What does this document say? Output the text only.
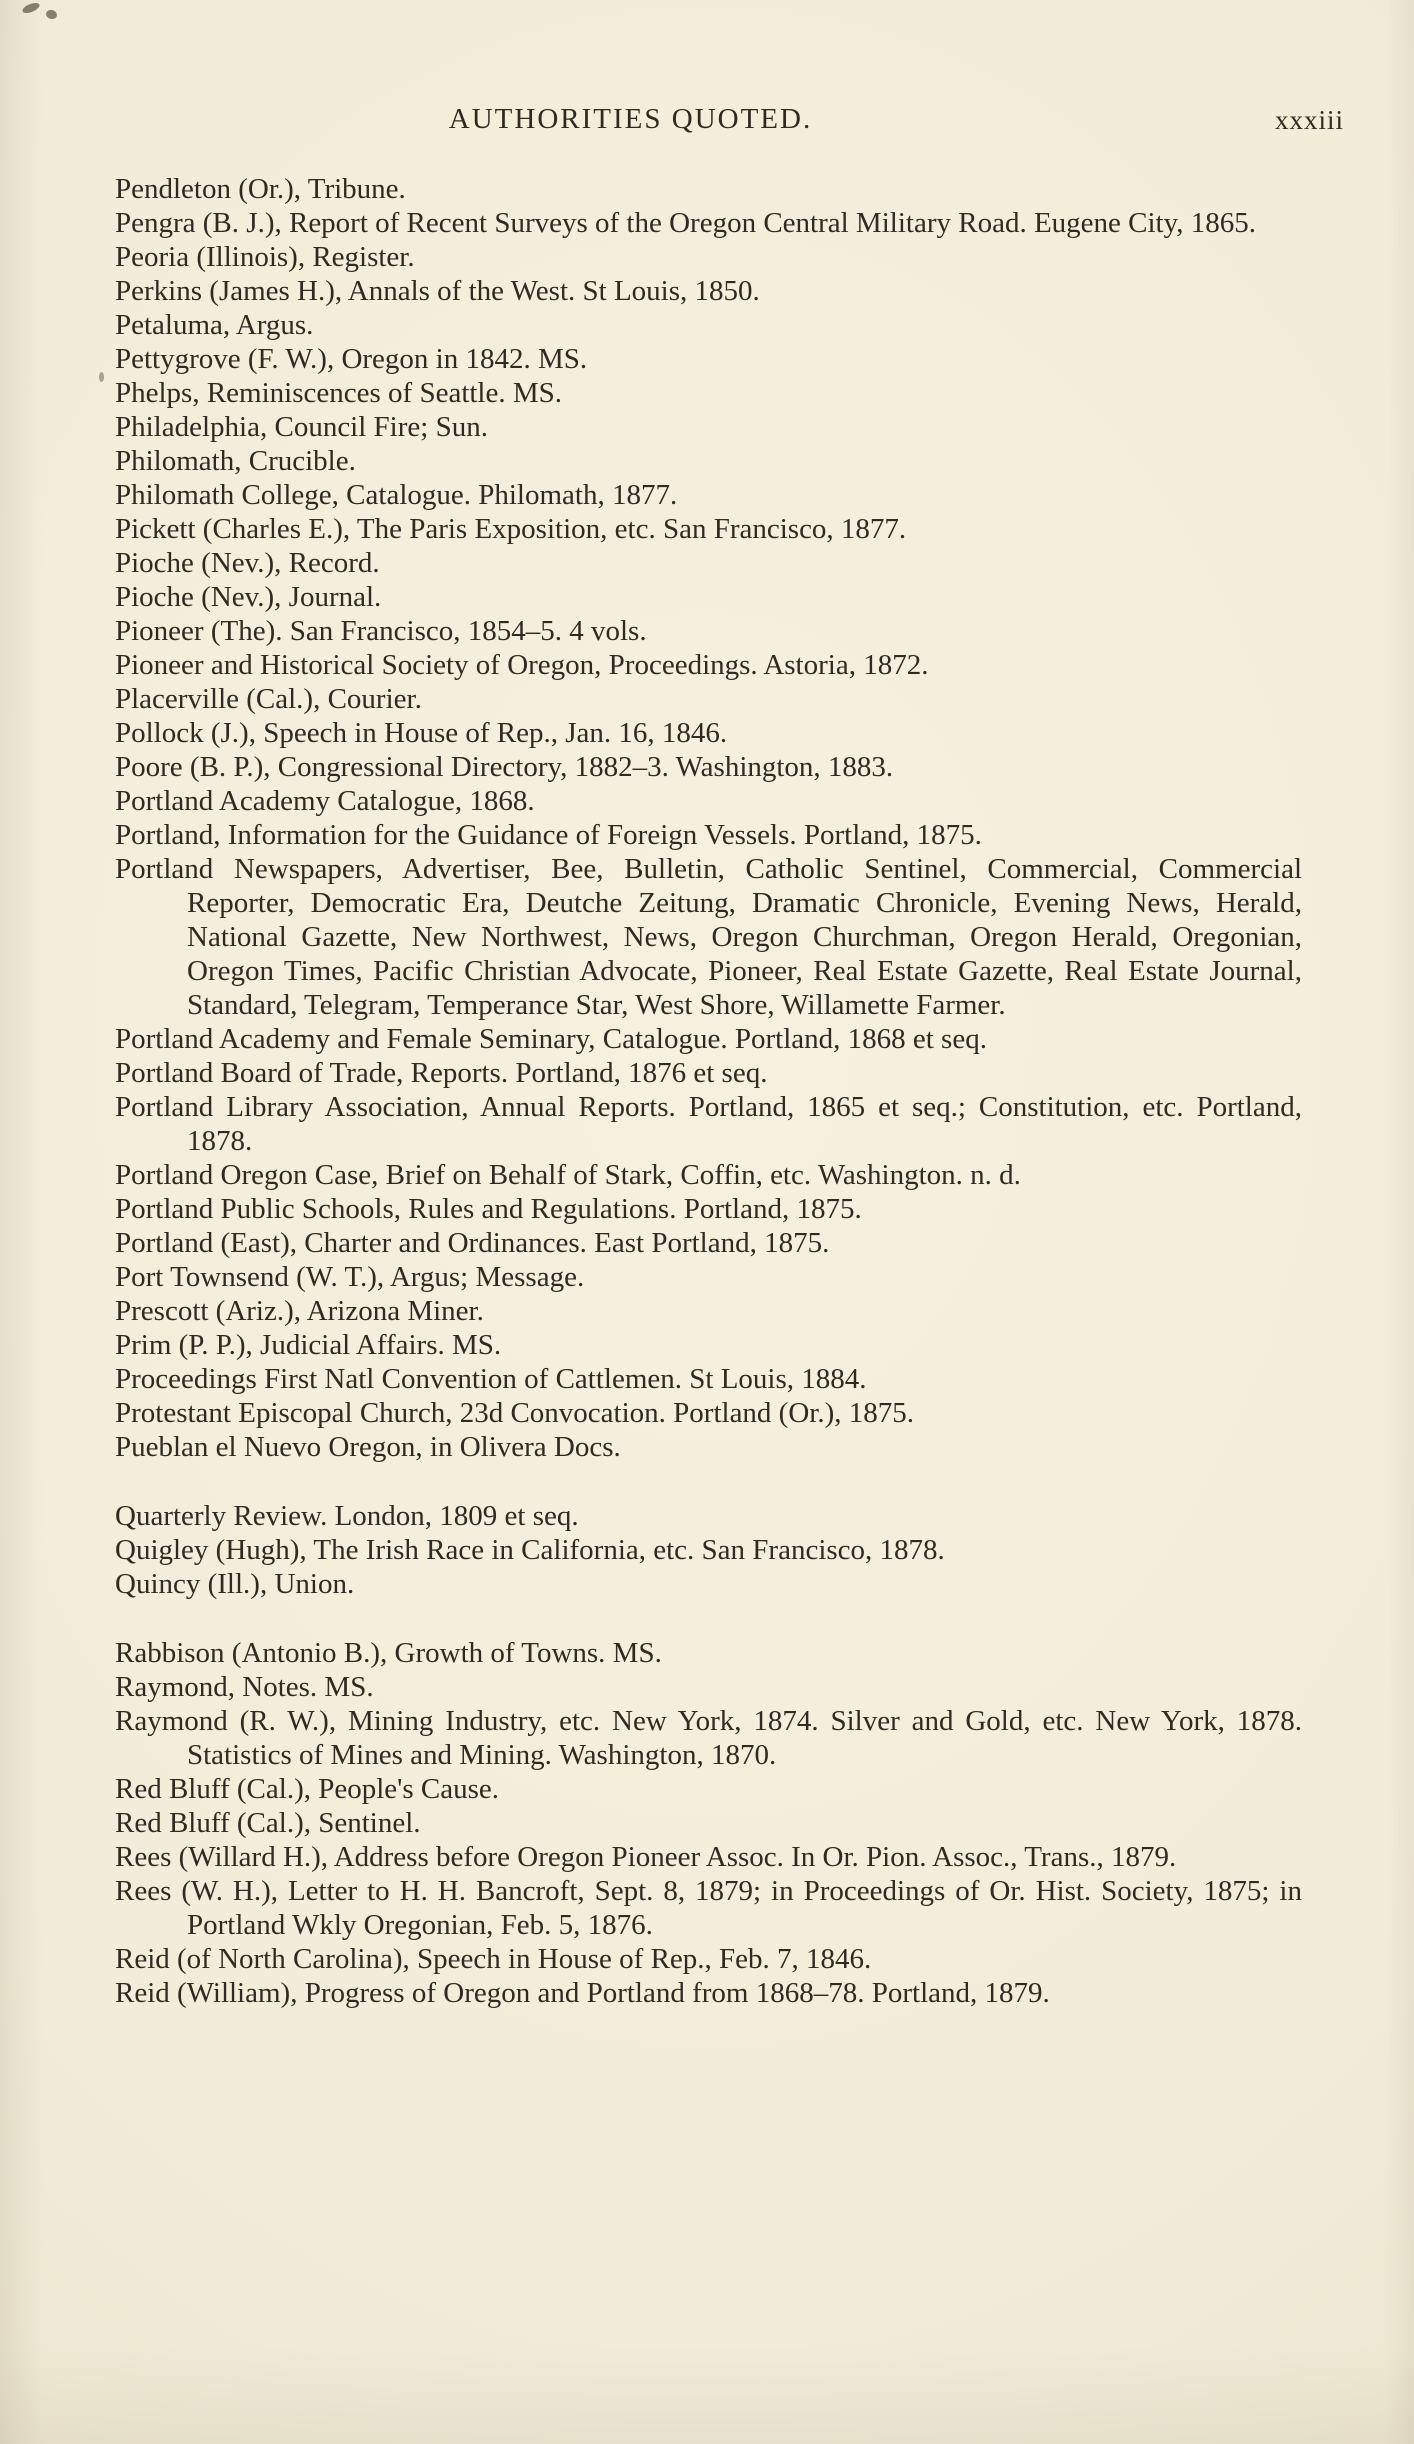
AUTHORITIES QUOTED.	xxxiii

Pendleton (Or.), Tribune.

Pengra (B. J.), Report of Recent Surveys of the Oregon Central Military Road. Eugene City, 1865.

Peoria (Illinois), Register.

Perkins (James H.), Annals of the West. St Louis, 1850.

Petaluma, Argus.

Pettygrove (F. W.), Oregon in 1842. MS.

Phelps, Reminiscences of Seattle. MS.

Philadelphia, Council Fire; Sun.

Philomath, Crucible.

Philomath College, Catalogue. Philomath, 1877.

Pickett (Charles E.), The Paris Exposition, etc. San Francisco, 1877.

Pioche (Nev.), Record.

Pioche (Nev.), Journal.

Pioneer (The). San Francisco, 1854–5. 4 vols.

Pioneer and Historical Society of Oregon, Proceedings. Astoria, 1872.

Placerville (Cal.), Courier.

Pollock (J.), Speech in House of Rep., Jan. 16, 1846.

Poore (B. P.), Congressional Directory, 1882–3. Washington, 1883.

Portland Academy Catalogue, 1868.

Portland, Information for the Guidance of Foreign Vessels. Portland, 1875.

Portland Newspapers, Advertiser, Bee, Bulletin, Catholic Sentinel, Commercial, Commercial Reporter, Democratic Era, Deutche Zeitung, Dramatic Chronicle, Evening News, Herald, National Gazette, New Northwest, News, Oregon Churchman, Oregon Herald, Oregonian, Oregon Times, Pacific Christian Advocate, Pioneer, Real Estate Gazette, Real Estate Journal, Standard, Telegram, Temperance Star, West Shore, Willamette Farmer.

Portland Academy and Female Seminary, Catalogue. Portland, 1868 et seq.

Portland Board of Trade, Reports. Portland, 1876 et seq.

Portland Library Association, Annual Reports. Portland, 1865 et seq.; Constitution, etc. Portland, 1878.

Portland Oregon Case, Brief on Behalf of Stark, Coffin, etc. Washington. n. d.

Portland Public Schools, Rules and Regulations. Portland, 1875.

Portland (East), Charter and Ordinances. East Portland, 1875.

Port Townsend (W. T.), Argus; Message.

Prescott (Ariz.), Arizona Miner.

Prim (P. P.), Judicial Affairs. MS.

Proceedings First Natl Convention of Cattlemen. St Louis, 1884.

Protestant Episcopal Church, 23d Convocation. Portland (Or.), 1875.

Pueblan el Nuevo Oregon, in Olivera Docs.

Quarterly Review. London, 1809 et seq.

Quigley (Hugh), The Irish Race in California, etc. San Francisco, 1878.

Quincy (Ill.), Union.

Rabbison (Antonio B.), Growth of Towns. MS.

Raymond, Notes. MS.

Raymond (R. W.), Mining Industry, etc. New York, 1874. Silver and Gold, etc. New York, 1878. Statistics of Mines and Mining. Washington, 1870.

Red Bluff (Cal.), People's Cause.

Red Bluff (Cal.), Sentinel.

Rees (Willard H.), Address before Oregon Pioneer Assoc. In Or. Pion. Assoc., Trans., 1879.

Rees (W. H.), Letter to H. H. Bancroft, Sept. 8, 1879; in Proceedings of Or. Hist. Society, 1875; in Portland Wkly Oregonian, Feb. 5, 1876.

Reid (of North Carolina), Speech in House of Rep., Feb. 7, 1846.

Reid (William), Progress of Oregon and Portland from 1868–78. Portland, 1879.
